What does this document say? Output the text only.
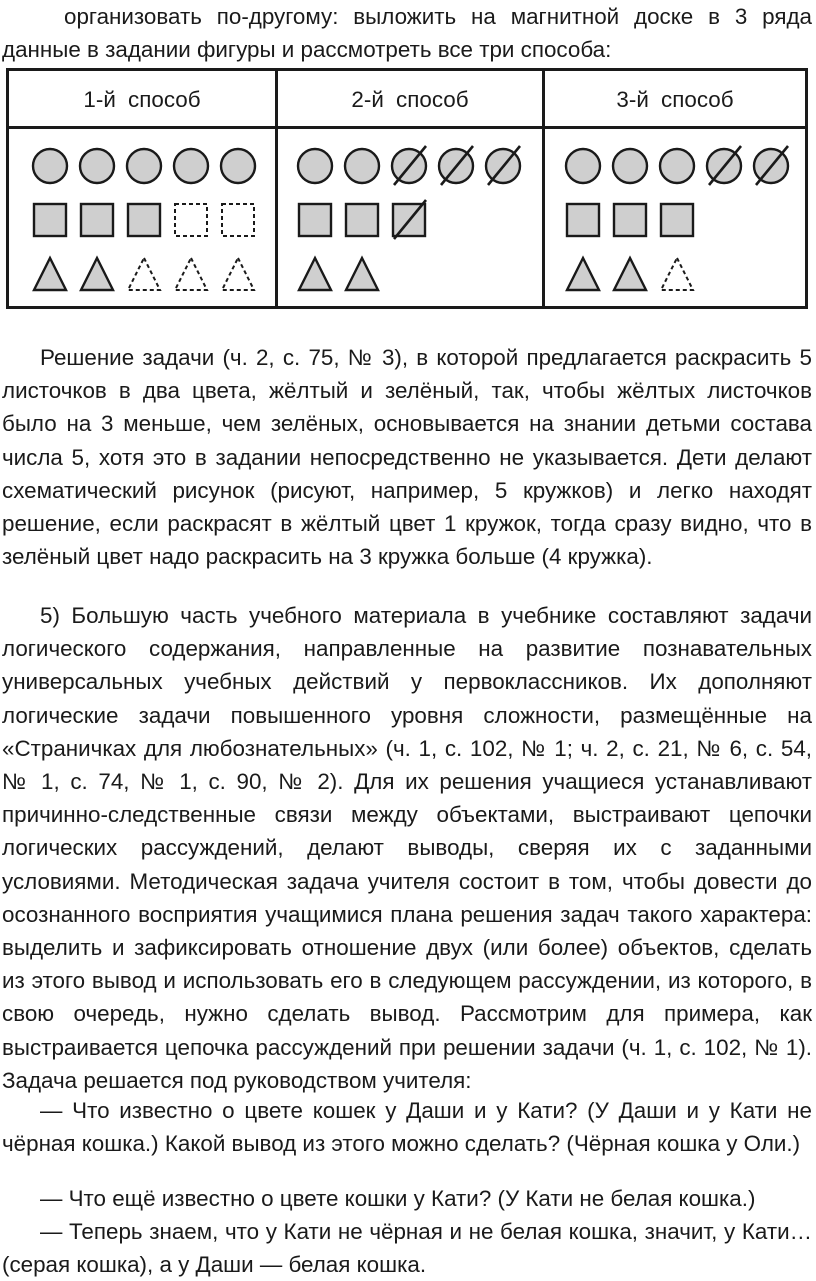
организовать по-другому: выложить на магнитной доске в 3 ряда данные в задании фигуры и рассмотреть все три способа:

1-й способ	2-й способ	3-й способ

Решение задачи (ч. 2, с. 75, № 3), в которой предлагается раскрасить 5 листочков в два цвета, жёлтый и зелёный, так, чтобы жёлтых листочков было на 3 меньше, чем зелёных, основывается на знании детьми состава числа 5, хотя это в задании непосредственно не указывается. Дети делают схематический рисунок (рисуют, например, 5 кружков) и легко находят решение, если раскрасят в жёлтый цвет 1 кружок, тогда сразу видно, что в зелёный цвет надо раскрасить на 3 кружка больше (4 кружка).

5) Большую часть учебного материала в учебнике составляют задачи логического содержания, направленные на развитие познавательных универсальных учебных действий у первоклассников. Их дополняют логические задачи повышенного уровня сложности, размещённые на «Страничках для любознательных» (ч. 1, с. 102, № 1; ч. 2, с. 21, № 6, с. 54, № 1, с. 74, № 1, с. 90, № 2). Для их решения учащиеся устанавливают причинно-следственные связи между объектами, выстраивают цепочки логических рассуждений, делают выводы, сверяя их с заданными условиями. Методическая задача учителя состоит в том, чтобы довести до осознанного восприятия учащимися плана решения задач такого характера: выделить и зафиксировать отношение двух (или более) объектов, сделать из этого вывод и использовать его в следующем рассуждении, из которого, в свою очередь, нужно сделать вывод. Рассмотрим для примера, как выстраивается цепочка рассуждений при решении задачи (ч. 1, с. 102, № 1). Задача решается под руководством учителя:

— Что известно о цвете кошек у Даши и у Кати? (У Даши и у Кати не чёрная кошка.) Какой вывод из этого можно сделать? (Чёрная кошка у Оли.)

— Что ещё известно о цвете кошки у Кати? (У Кати не белая кошка.)

— Теперь знаем, что у Кати не чёрная и не белая кошка, значит, у Кати… (серая кошка), а у Даши — белая кошка.
